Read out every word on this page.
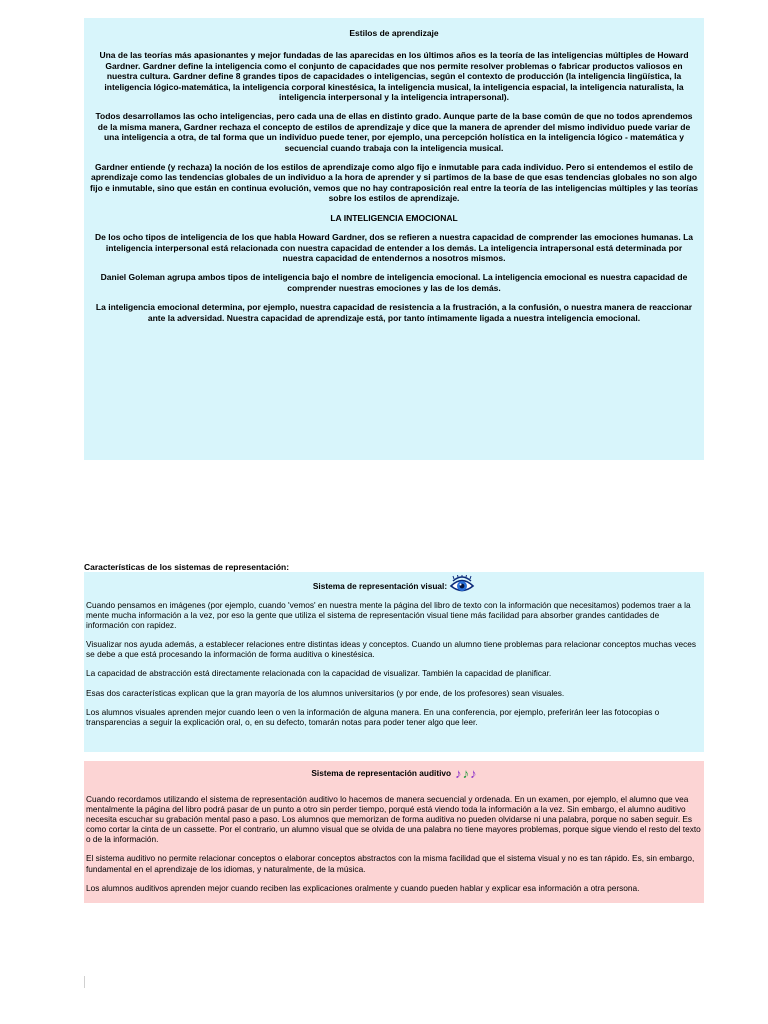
Estilos de aprendizaje

Una de las teorías más apasionantes y mejor fundadas de las aparecidas en los últimos años es la teoría de las inteligencias múltiples de Howard Gardner. Gardner define la inteligencia como el conjunto de capacidades que nos permite resolver problemas o fabricar productos valiosos en nuestra cultura. Gardner define 8 grandes tipos de capacidades o inteligencias, según el contexto de producción (la inteligencia lingüística, la inteligencia lógico-matemática, la inteligencia corporal kinestésica, la inteligencia musical, la inteligencia espacial, la inteligencia naturalista, la inteligencia interpersonal y la inteligencia intrapersonal).

Todos desarrollamos las ocho inteligencias, pero cada una de ellas en distinto grado. Aunque parte de la base común de que no todos aprendemos de la misma manera, Gardner rechaza el concepto de estilos de aprendizaje y dice que la manera de aprender del mismo individuo puede variar de una inteligencia a otra, de tal forma que un individuo puede tener, por ejemplo, una percepción holística en la inteligencia lógico - matemática y secuencial cuando trabaja con la inteligencia musical.

Gardner entiende (y rechaza) la noción de los estilos de aprendizaje como algo fijo e inmutable para cada individuo. Pero si entendemos el estilo de aprendizaje como las tendencias globales de un individuo a la hora de aprender y si partimos de la base de que esas tendencias globales no son algo fijo e inmutable, sino que están en continua evolución, vemos que no hay contraposición real entre la teoría de las inteligencias múltiples y las teorías sobre los estilos de aprendizaje.

LA INTELIGENCIA EMOCIONAL

De los ocho tipos de inteligencia de los que habla Howard Gardner, dos se refieren a nuestra capacidad de comprender las emociones humanas. La inteligencia interpersonal está relacionada con nuestra capacidad de entender a los demás. La inteligencia intrapersonal está determinada por nuestra capacidad de entendernos a nosotros mismos.

Daniel Goleman agrupa ambos tipos de inteligencia bajo el nombre de inteligencia emocional. La inteligencia emocional es nuestra capacidad de comprender nuestras emociones y las de los demás.

La inteligencia emocional determina, por ejemplo, nuestra capacidad de resistencia a la frustración, a la confusión, o nuestra manera de reaccionar ante la adversidad. Nuestra capacidad de aprendizaje está, por tanto íntimamente ligada a nuestra inteligencia emocional.

Características de los sistemas de representación:
Sistema de representación visual:

Cuando pensamos en imágenes (por ejemplo, cuando 'vemos' en nuestra mente la página del libro de texto con la información que necesitamos) podemos traer a la mente mucha información a la vez, por eso la gente que utiliza el sistema de representación visual tiene más facilidad para absorber grandes cantidades de información con rapidez.

Visualizar nos ayuda además, a establecer relaciones entre distintas ideas y conceptos. Cuando un alumno tiene problemas para relacionar conceptos muchas veces se debe a que está procesando la información de forma auditiva o kinestésica.

La capacidad de abstracción está directamente relacionada con la capacidad de visualizar. También la capacidad de planificar.

Esas dos características explican que la gran mayoría de los alumnos universitarios (y por ende, de los profesores) sean visuales.

Los alumnos visuales aprenden mejor cuando leen o ven la información de alguna manera. En una conferencia, por ejemplo, preferirán leer las fotocopias o transparencias a seguir la explicación oral, o, en su defecto, tomarán notas para poder tener algo que leer.

Sistema de representación auditivo ♪ ♪ ♪

Cuando recordamos utilizando el sistema de representación auditivo lo hacemos de manera secuencial y ordenada. En un examen, por ejemplo, el alumno que vea mentalmente la página del libro podrá pasar de un punto a otro sin perder tiempo, porqué está viendo toda la información a la vez. Sin embargo, el alumno auditivo necesita escuchar su grabación mental paso a paso. Los alumnos que memorizan de forma auditiva no pueden olvidarse ni una palabra, porque no saben seguir. Es como cortar la cinta de un cassette. Por el contrario, un alumno visual que se olvida de una palabra no tiene mayores problemas, porque sigue viendo el resto del texto o de la información.

El sistema auditivo no permite relacionar conceptos o elaborar conceptos abstractos con la misma facilidad que el sistema visual y no es tan rápido. Es, sin embargo, fundamental en el aprendizaje de los idiomas, y naturalmente, de la música.

Los alumnos auditivos aprenden mejor cuando reciben las explicaciones oralmente y cuando pueden hablar y explicar esa información a otra persona.
